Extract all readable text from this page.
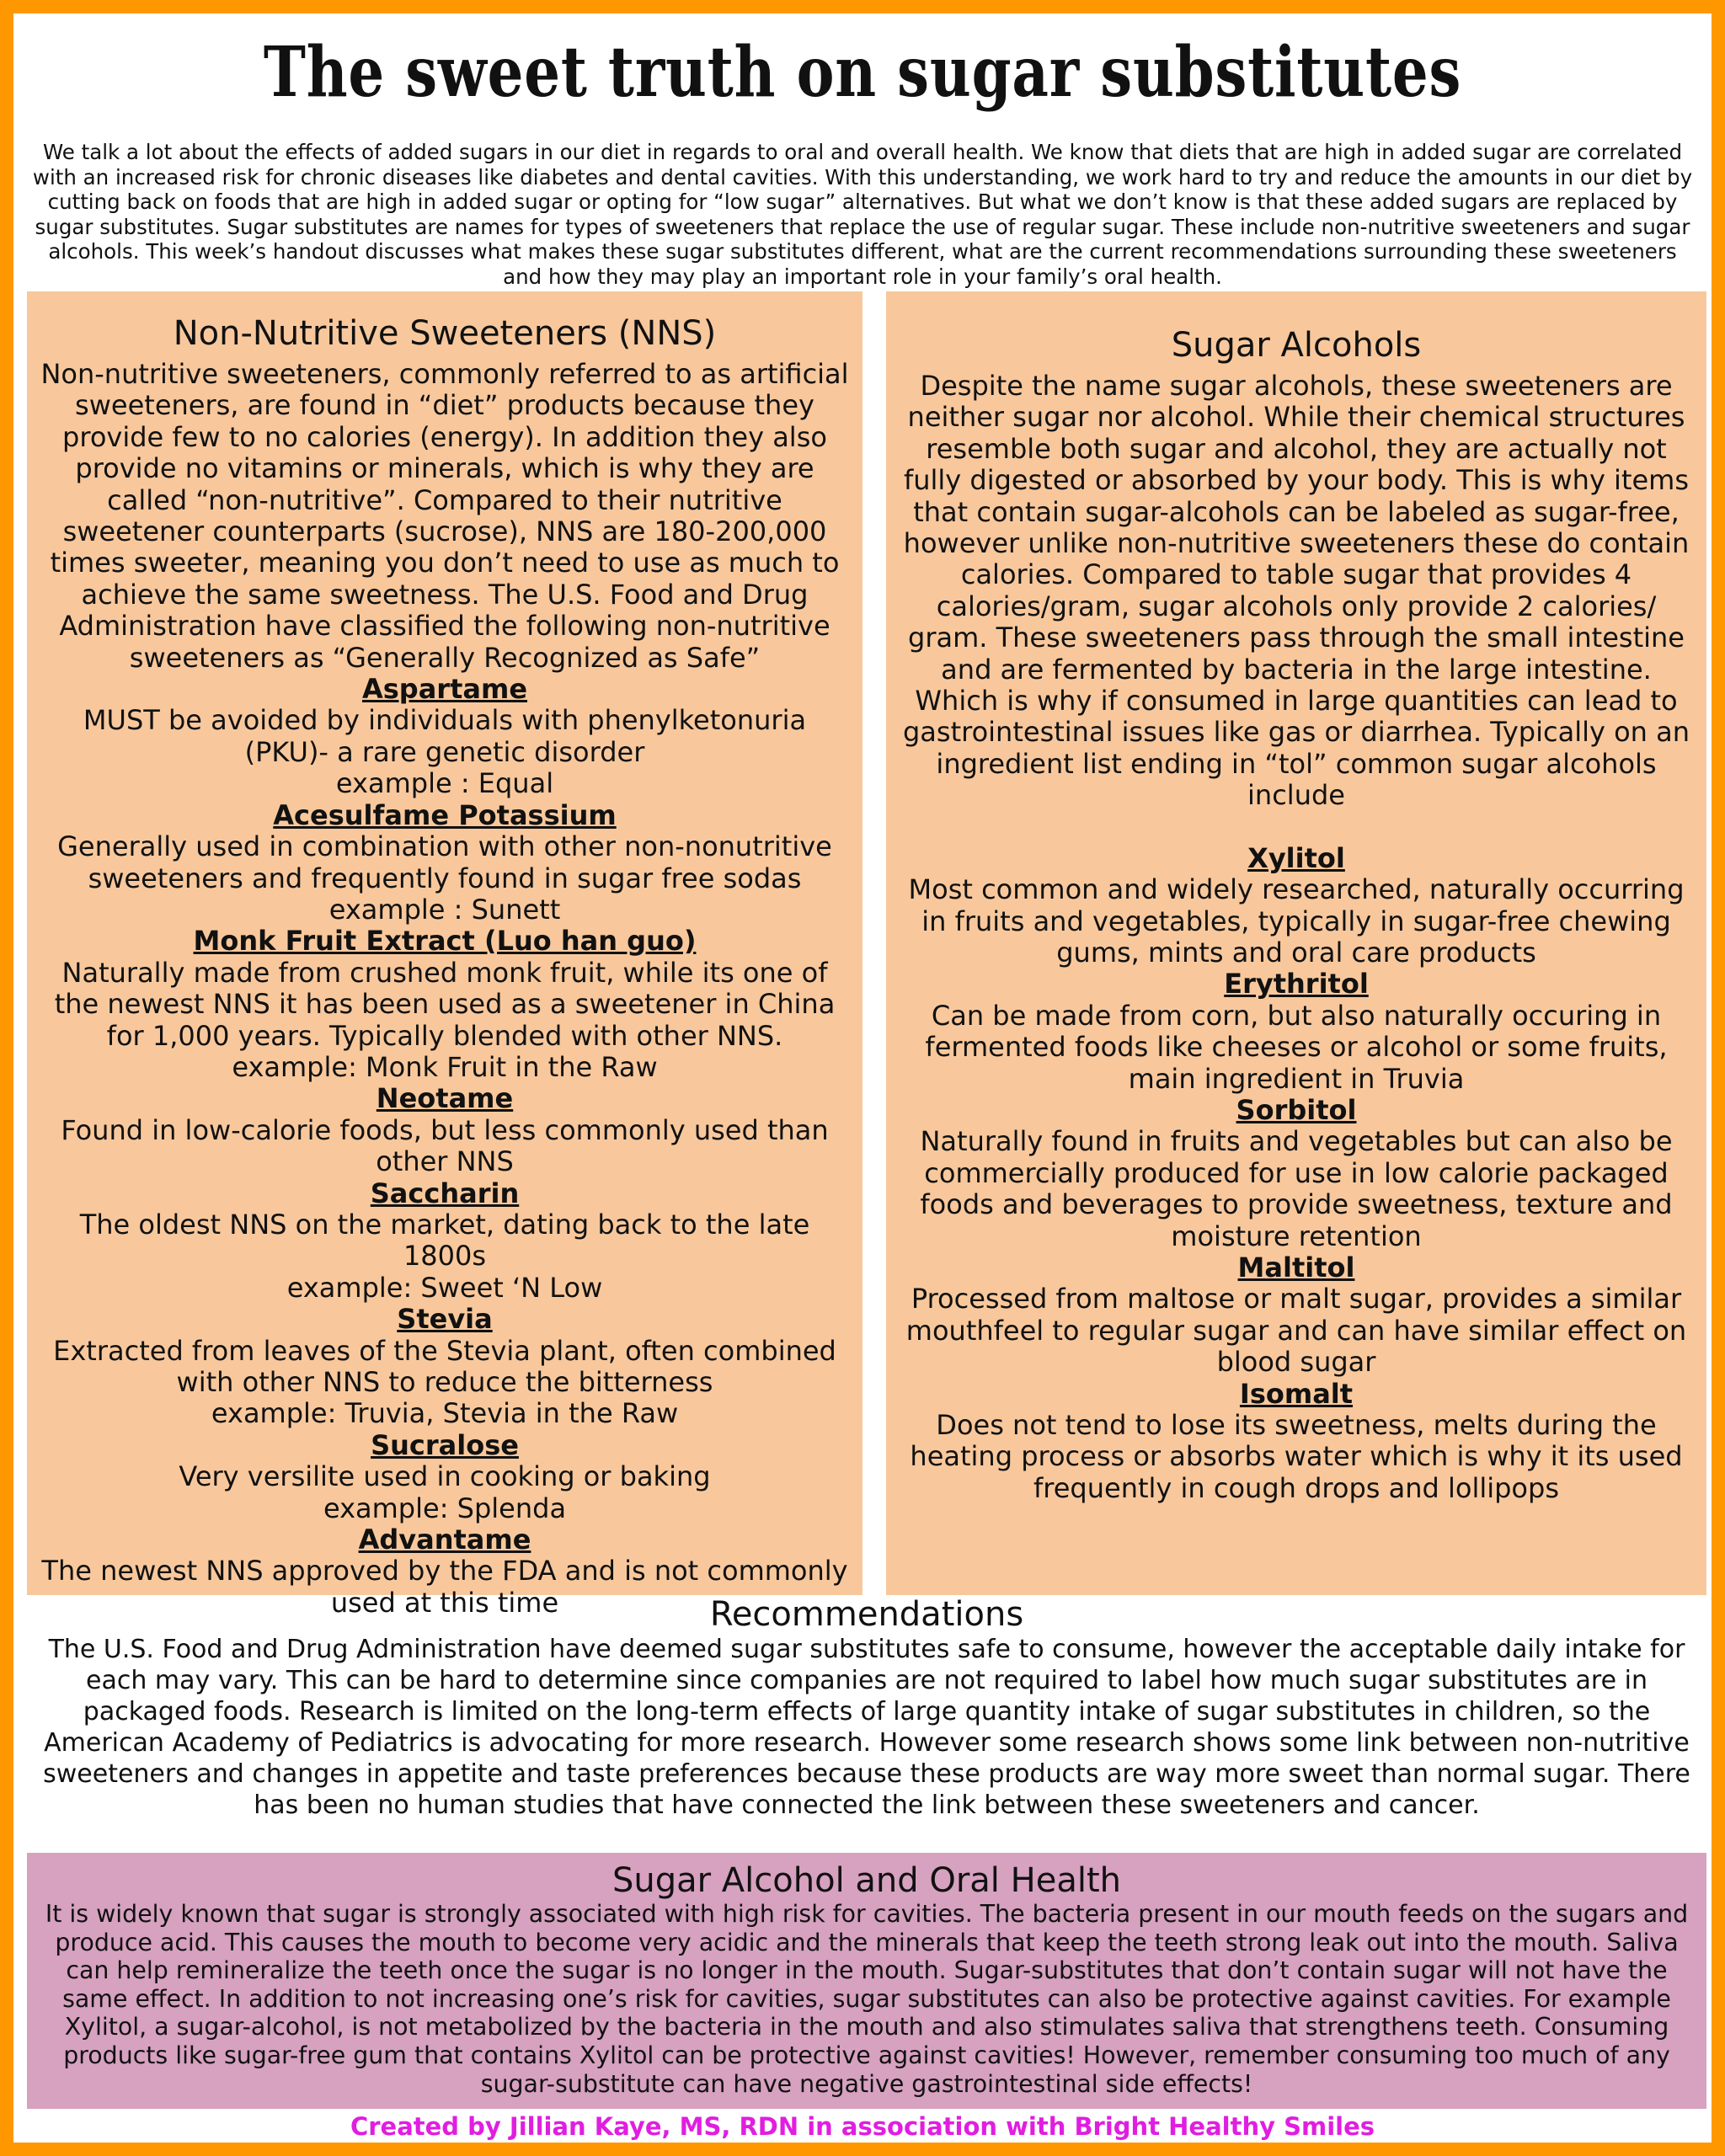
The sweet truth on sugar substitutes

We talk a lot about the effects of added sugars in our diet in regards to oral and overall health. We know that diets that are high in added sugar are correlated with an increased risk for chronic diseases like diabetes and dental cavities. With this understanding, we work hard to try and reduce the amounts in our diet by cutting back on foods that are high in added sugar or opting for “low sugar” alternatives. But what we don’t know is that these added sugars are replaced by sugar substitutes. Sugar substitutes are names for types of sweeteners that replace the use of regular sugar. These include non-nutritive sweeteners and sugar alcohols. This week’s handout discusses what makes these sugar substitutes different, what are the current recommendations surrounding these sweeteners and how they may play an important role in your family’s oral health.

Non-Nutritive Sweeteners (NNS)
Non-nutritive sweeteners, commonly referred to as artificial sweeteners, are found in “diet” products because they provide few to no calories (energy). In addition they also provide no vitamins or minerals, which is why they are called “non-nutritive”. Compared to their nutritive sweetener counterparts (sucrose), NNS are 180-200,000 times sweeter, meaning you don’t need to use as much to achieve the same sweetness. The U.S. Food and Drug Administration have classified the following non-nutritive sweeteners as “Generally Recognized as Safe”
Aspartame
MUST be avoided by individuals with phenylketonuria (PKU)- a rare genetic disorder
example : Equal
Acesulfame Potassium
Generally used in combination with other non-nonutritive sweeteners and frequently found in sugar free sodas
example : Sunett
Monk Fruit Extract (Luo han guo)
Naturally made from crushed monk fruit, while its one of the newest NNS it has been used as a sweetener in China for 1,000 years. Typically blended with other NNS.
example: Monk Fruit in the Raw
Neotame
Found in low-calorie foods, but less commonly used than other NNS
Saccharin
The oldest NNS on the market, dating back to the late 1800s
example: Sweet ‘N Low
Stevia
Extracted from leaves of the Stevia plant, often combined with other NNS to reduce the bitterness
example: Truvia, Stevia in the Raw
Sucralose
Very versilite used in cooking or baking
example: Splenda
Advantame
The newest NNS approved by the FDA and is not commonly used at this time
Sugar Alcohols
Despite the name sugar alcohols, these sweeteners are neither sugar nor alcohol. While their chemical structures resemble both sugar and alcohol, they are actually not fully digested or absorbed by your body. This is why items that contain sugar-alcohols can be labeled as sugar-free, however unlike non-nutritive sweeteners these do contain calories. Compared to table sugar that provides 4 calories/gram, sugar alcohols only provide 2 calories/ gram. These sweeteners pass through the small intestine and are fermented by bacteria in the large intestine. Which is why if consumed in large quantities can lead to gastrointestinal issues like gas or diarrhea. Typically on an ingredient list ending in “tol” common sugar alcohols include
Xylitol
Most common and widely researched, naturally occurring in fruits and vegetables, typically in sugar-free chewing gums, mints and oral care products
Erythritol
Can be made from corn, but also naturally occuring in fermented foods like cheeses or alcohol or some fruits, main ingredient in Truvia
Sorbitol
Naturally found in fruits and vegetables but can also be commercially produced for use in low calorie packaged foods and beverages to provide sweetness, texture and moisture retention
Maltitol
Processed from maltose or malt sugar, provides a similar mouthfeel to regular sugar and can have similar effect on blood sugar
Isomalt
Does not tend to lose its sweetness, melts during the heating process or absorbs water which is why it its used frequently in cough drops and lollipops
Recommendations

The U.S. Food and Drug Administration have deemed sugar substitutes safe to consume, however the acceptable daily intake for each may vary. This can be hard to determine since companies are not required to label how much sugar substitutes are in packaged foods. Research is limited on the long-term effects of large quantity intake of sugar substitutes in children, so the American Academy of Pediatrics is advocating for more research. However some research shows some link between non-nutritive sweeteners and changes in appetite and taste preferences because these products are way more sweet than normal sugar. There has been no human studies that have connected the link between these sweeteners and cancer.

Sugar Alcohol and Oral Health

It is widely known that sugar is strongly associated with high risk for cavities. The bacteria present in our mouth feeds on the sugars and produce acid. This causes the mouth to become very acidic and the minerals that keep the teeth strong leak out into the mouth. Saliva can help remineralize the teeth once the sugar is no longer in the mouth. Sugar-substitutes that don’t contain sugar will not have the same effect. In addition to not increasing one’s risk for cavities, sugar substitutes can also be protective against cavities. For example Xylitol, a sugar-alcohol, is not metabolized by the bacteria in the mouth and also stimulates saliva that strengthens teeth. Consuming products like sugar-free gum that contains Xylitol can be protective against cavities! However, remember consuming too much of any sugar-substitute can have negative gastrointestinal side effects!

Created by Jillian Kaye, MS, RDN in association with Bright Healthy Smiles
